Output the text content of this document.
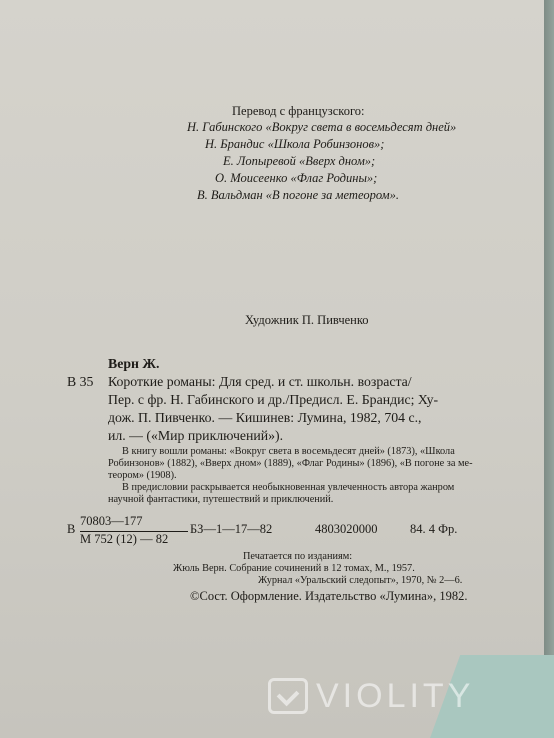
Перевод с французского:
Н. Габинского «Вокруг света в восемьдесят дней»
Н. Брандис «Школа Робинзонов»;
Е. Лопыревой «Вверх дном»;
О. Моисеенко «Флаг Родины»;
В. Вальдман «В погоне за метеором».
Художник П. Пивченко
Верн Ж.
В 35 Короткие романы: Для сред. и ст. школьн. возраста/
Пер. с фр. Н. Габинского и др./Предисл. Е. Брандис; Ху-
дож. П. Пивченко. — Кишинев: Лумина, 1982, 704 с.,
ил. — («Мир приключений»).
В книгу вошли романы: «Вокруг света в восемьдесят дней» (1873), «Школа
Робинзонов» (1882), «Вверх дном» (1889), «Флаг Родины» (1896), «В погоне за ме-
теором» (1908).
В предисловии раскрывается необыкновенная увлеченность автора жанром
научной фантастики, путешествий и приключений.
В
70803—177
М 752 (12) — 82
БЗ—1—17—82	4803020000	84. 4 Фр.
Печатается по изданиям:
Жюль Верн. Собрание сочинений в 12 томах, М., 1957.
Журнал «Уральский следопыт», 1970, № 2—6.
©Сост. Оформление. Издательство «Лумина», 1982.
VIOLITY
